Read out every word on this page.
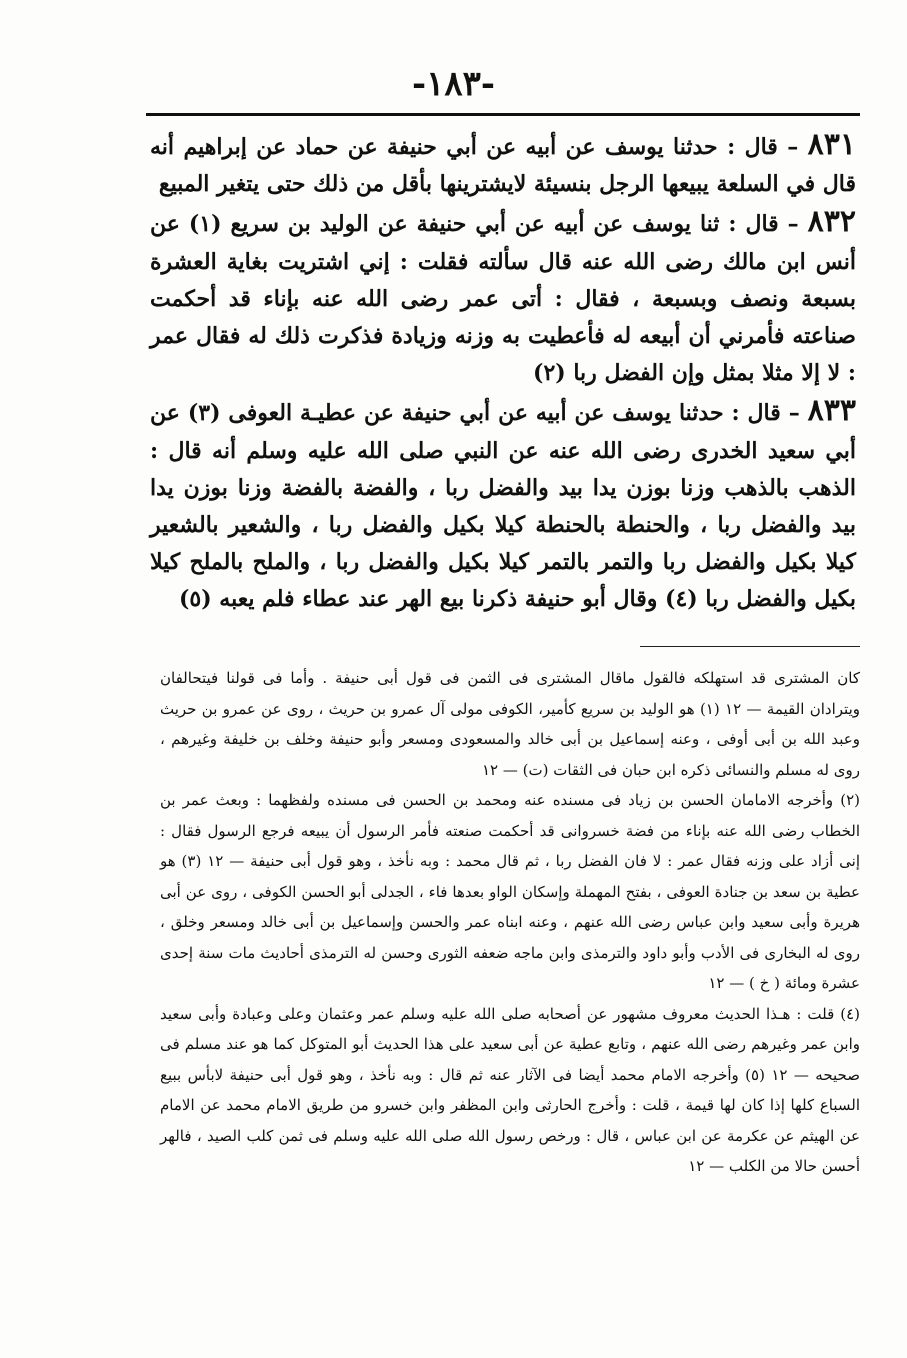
-١٨٣-

٨٣١ – قال : حدثنا يوسف عن أبيه عن أبي حنيفة عن حماد عن إبراهيم أنه قال في السلعة يبيعها الرجل بنسيئة لايشترينها بأقل من ذلك حتى يتغير المبيع

٨٣٢ – قال : ثنا يوسف عن أبيه عن أبي حنيفة عن الوليد بن سريع (١) عن أنس ابن مالك رضى الله عنه قال سألته فقلت : إني اشتريت بغاية العشرة بسبعة ونصف وبسبعة ، فقال : أتى عمر رضى الله عنه بإناء قد أحكمت صناعته فأمرني أن أبيعه له فأعطيت به وزنه وزيادة فذكرت ذلك له فقال عمر : لا إلا مثلا بمثل وإن الفضل ربا (٢)

٨٣٣ – قال : حدثنا يوسف عن أبيه عن أبي حنيفة عن عطيـة العوفى (٣) عن أبي سعيد الخدرى رضى الله عنه عن النبي صلى الله عليه وسلم أنه قال : الذهب بالذهب وزنا بوزن يدا بيد والفضل ربا ، والفضة بالفضة وزنا بوزن يدا بيد والفضل ربا ، والحنطة بالحنطة كيلا بكيل والفضل ربا ، والشعير بالشعير كيلا بكيل والفضل ربا والتمر بالتمر كيلا بكيل والفضل ربا ، والملح بالملح كيلا بكيل والفضل ربا (٤) وقال أبو حنيفة ذكرنا بيع الهر عند عطاء فلم يعبه (٥)

كان المشترى قد استهلكه فالقول ماقال المشترى فى الثمن فى قول أبى حنيفة . وأما فى قولنا فيتحالفان ويترادان القيمة — ١٢ (١) هو الوليد بن سريع كأمير، الكوفى مولى آل عمرو بن حريث ، روى عن عمرو بن حريث وعبد الله بن أبى أوفى ، وعنه إسماعيل بن أبى خالد والمسعودى ومسعر وأبو حنيفة وخلف بن خليفة وغيرهم ، روى له مسلم والنسائى ذكره ابن حبان فى الثقات (ت) — ١٢

(٢) وأخرجه الامامان الحسن بن زياد فى مسنده عنه ومحمد بن الحسن فى مسنده ولفظهما : وبعث عمر بن الخطاب رضى الله عنه بإناء من فضة خسروانى قد أحكمت صنعته فأمر الرسول أن يبيعه فرجع الرسول فقال : إنى أزاد على وزنه فقال عمر : لا فان الفضل ربا ، ثم قال محمد : وبه نأخذ ، وهو قول أبى حنيفة — ١٢ (٣) هو عطية بن سعد بن جنادة العوفى ، بفتح المهملة وإسكان الواو بعدها فاء ، الجدلى أبو الحسن الكوفى ، روى عن أبى هريرة وأبى سعيد وابن عباس رضى الله عنهم ، وعنه ابناه عمر والحسن وإسماعيل بن أبى خالد ومسعر وخلق ، روى له البخارى فى الأدب وأبو داود والترمذى وابن ماجه ضعفه الثورى وحسن له الترمذى أحاديث مات سنة إحدى عشرة ومائة ( خ ) — ١٢

(٤) قلت : هـذا الحديث معروف مشهور عن أصحابه صلى الله عليه وسلم عمر وعثمان وعلى وعبادة وأبى سعيد وابن عمر وغيرهم رضى الله عنهم ، وتابع عطية عن أبى سعيد على هذا الحديث أبو المتوكل كما هو عند مسلم فى صحيحه — ١٢ (٥) وأخرجه الامام محمد أيضا فى الآثار عنه ثم قال : وبه نأخذ ، وهو قول أبى حنيفة لابأس ببيع السباع كلها إذا كان لها قيمة ، قلت : وأخرج الحارثى وابن المظفر وابن خسرو من طريق الامام محمد عن الامام عن الهيثم عن عكرمة عن ابن عباس ، قال : ورخص رسول الله صلى الله عليه وسلم فى ثمن كلب الصيد ، فالهر أحسن حالا من الكلب — ١٢
